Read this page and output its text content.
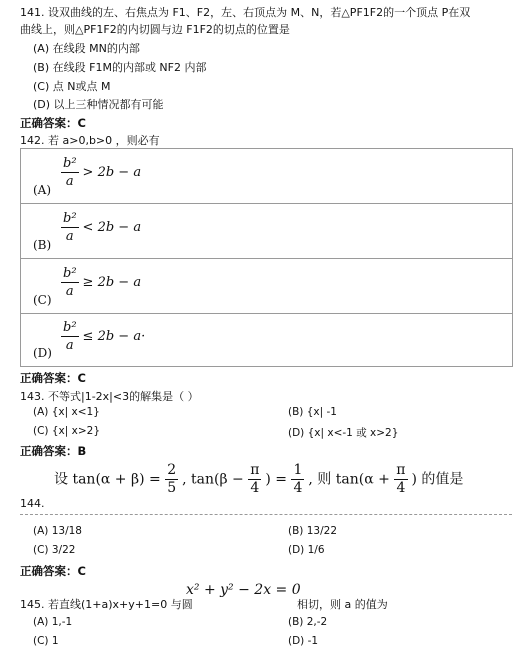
141. 设双曲线的左、右焦点为 F1、F2，左、右顶点为 M、N，若△PF1F2的一个顶点 P在双
曲线上，则△PF1F2的内切圆与边 F1F2的切点的位置是
(A) 在线段 MN的内部
(B) 在线段 F1M的内部或 NF2 内部
(C) 点 N或点 M
(D) 以上三种情况都有可能
正确答案：C
142. 若 a>0,b>0 ，则必有
$(A) \frac{\text{b²}}{a} > 2b - a$
$(B) \frac{\text{b²}}{a} < 2b - a$
$(C) \frac{\text{b²}}{a} \ge 2b - a$
$(D) \frac{\text{b²}}{a} \le 2b - a\cdot$
正确答案：C
143. 不等式|1-2x|<3的解集是（ ）
(A) {x| x<1}	(B) {x| -1
(C) {x| x>2}	(D) {x| x<-1 或 x>2}
正确答案：B
设 $\tan(\alpha + \beta) = \frac{2}{5}$ , $\tan(\beta - \frac{\pi}{4}$ ) = $\frac{1}{4}$ , 则 $\tan(\alpha + \frac{\pi}{4}$ ) 的值是
144.
(A) 13/18	(B) 13/22
(C) 3/22	(D) 1/6
正确答案：C
145. 若直线(1+a)x+y+1=0 与圆
x² + y² − 2x = 0
相切，则 a 的值为
(A) 1,-1	(B) 2,-2
(C) 1	(D) -1
